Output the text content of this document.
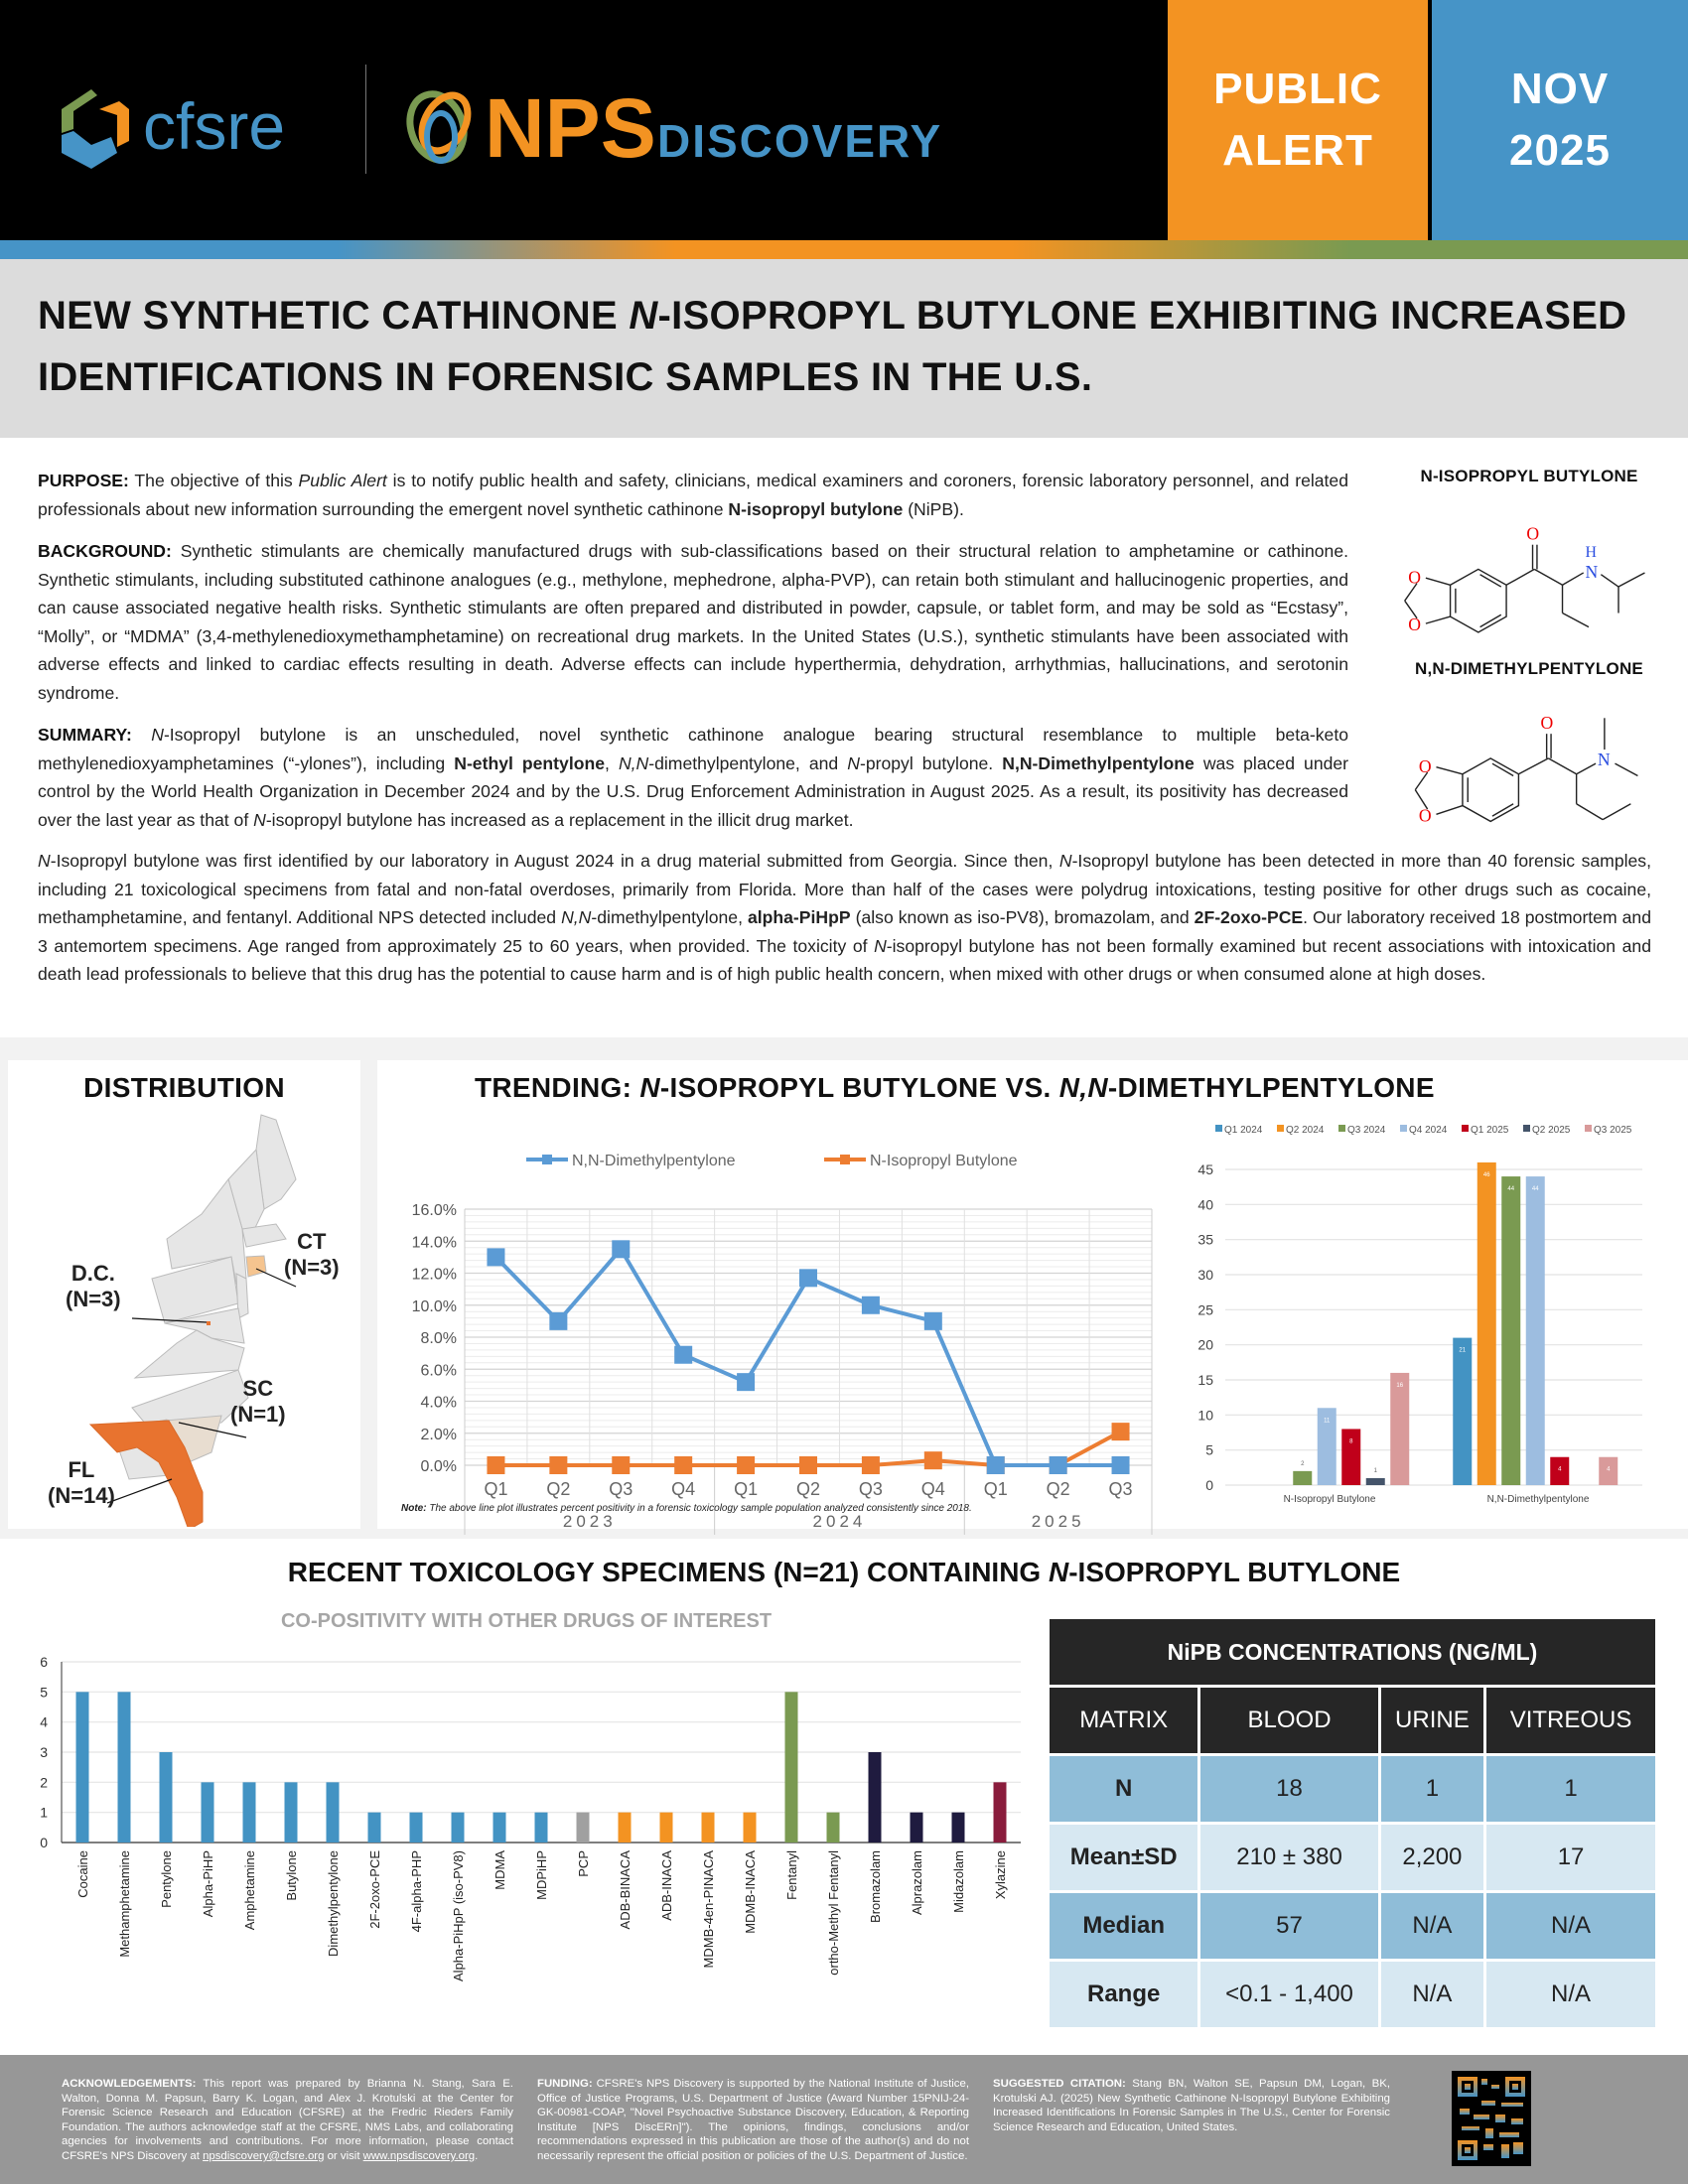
cfsre NPS DISCOVERY
PUBLIC
ALERT
NOV
2025
NEW SYNTHETIC CATHINONE N-ISOPROPYL BUTYLONE EXHIBITING INCREASED IDENTIFICATIONS IN FORENSIC SAMPLES IN THE U.S.

PURPOSE: The objective of this Public Alert is to notify public health and safety, clinicians, medical examiners and coroners, forensic laboratory personnel, and related professionals about new information surrounding the emergent novel synthetic cathinone N-isopropyl butylone (NiPB).

BACKGROUND: Synthetic stimulants are chemically manufactured drugs with sub-classifications based on their structural relation to amphetamine or cathinone. Synthetic stimulants, including substituted cathinone analogues (e.g., methylone, mephedrone, alpha-PVP), can retain both stimulant and hallucinogenic properties, and can cause associated negative health risks. Synthetic stimulants are often prepared and distributed in powder, capsule, or tablet form, and may be sold as “Ecstasy”, “Molly”, or “MDMA” (3,4-methylenedioxymethamphetamine) on recreational drug markets. In the United States (U.S.), synthetic stimulants have been associated with adverse effects and linked to cardiac effects resulting in death. Adverse effects can include hyperthermia, dehydration, arrhythmias, hallucinations, and serotonin syndrome.

SUMMARY: N-Isopropyl butylone is an unscheduled, novel synthetic cathinone analogue bearing structural resemblance to multiple beta-keto methylenedioxyamphetamines (“-ylones”), including N-ethyl pentylone, N,N-dimethylpentylone, and N-propyl butylone. N,N-Dimethylpentylone was placed under control by the World Health Organization in December 2024 and by the U.S. Drug Enforcement Administration in August 2025. As a result, its positivity has decreased over the last year as that of N-isopropyl butylone has increased as a replacement in the illicit drug market.

N-Isopropyl butylone was first identified by our laboratory in August 2024 in a drug material submitted from Georgia. Since then, N-Isopropyl butylone has been detected in more than 40 forensic samples, including 21 toxicological specimens from fatal and non-fatal overdoses, primarily from Florida. More than half of the cases were polydrug intoxications, testing positive for other drugs such as cocaine, methamphetamine, and fentanyl. Additional NPS detected included N,N-dimethylpentylone, alpha-PiHpP (also known as iso-PV8), bromazolam, and 2F-2oxo-PCE. Our laboratory received 18 postmortem and 3 antemortem specimens. Age ranged from approximately 25 to 60 years, when provided. The toxicity of N-isopropyl butylone has not been formally examined but recent associations with intoxication and death lead professionals to believe that this drug has the potential to cause harm and is of high public health concern, when mixed with other drugs or when consumed alone at high doses.
N-ISOPROPYL BUTYLONE
O
O
O
H
N
N,N-DIMETHYLPENTYLONE
O
O
O
N
DISTRIBUTION
CT
(N=3)
D.C.
(N=3)
SC
(N=1)
FL
(N=14)
TRENDING: N-ISOPROPYL BUTYLONE VS. N,N-DIMETHYLPENTYLONE
N,N-Dimethylpentylone	N-Isopropyl Butylone
0.0%
2.0%
4.0%
6.0%
8.0%
10.0%
12.0%
14.0%
16.0%
Q1 Q2 Q3 Q4 Q1 Q2 Q3 Q4 Q1 Q2 Q3
2023	2024	2025
Note: The above line plot illustrates percent positivity in a forensic toxicology sample population analyzed consistently since 2018.
Q1 2024 Q2 2024 Q3 2024 Q4 2024 Q1 2025 Q2 2025 Q3 2025
0
5
10
15
20
25
30
35
40
45
2
11
8
1
16
N-Isopropyl Butylone
21
46
44	44
4	4
N,N-Dimethylpentylone
RECENT TOXICOLOGY SPECIMENS (N=21) CONTAINING N-ISOPROPYL BUTYLONE
CO-POSITIVITY WITH OTHER DRUGS OF INTEREST
0
1
2
3
4
5
6
Cocaine Methamphetamine Pentylone Alpha-PiHP Amphetamine Butylone Dimethylpentylone 2F-2oxo-PCE 4F-alpha-PHP Alpha-PiHpP (iso-PV8) MDMA MDPiHP PCP ADB-BINACA ADB-INACA MDMB-4en-PINACA MDMB-INACA Fentanyl ortho-Methyl Fentanyl Bromazolam Alprazolam Midazolam Xylazine
NiPB CONCENTRATIONS (NG/ML)			
MATRIX	BLOOD	URINE	VITREOUS
N	18	1	1
Mean±SD	210 ± 380	2,200	17
Median	57	N/A	N/A
Range	<0.1 - 1,400	N/A	N/A
ACKNOWLEDGEMENTS: This report was prepared by Brianna N. Stang, Sara E. Walton, Donna M. Papsun, Barry K. Logan, and Alex J. Krotulski at the Center for Forensic Science Research and Education (CFSRE) at the Fredric Rieders Family Foundation. The authors acknowledge staff at the CFSRE, NMS Labs, and collaborating agencies for involvements and contributions. For more information, please contact CFSRE's NPS Discovery at npsdiscovery@cfsre.org or visit www.npsdiscovery.org.
FUNDING: CFSRE's NPS Discovery is supported by the National Institute of Justice, Office of Justice Programs, U.S. Department of Justice (Award Number 15PNIJ-24-GK-00981-COAP, "Novel Psychoactive Substance Discovery, Education, & Reporting Institute [NPS DiscERn]"). The opinions, findings, conclusions and/or recommendations expressed in this publication are those of the author(s) and do not necessarily represent the official position or policies of the U.S. Department of Justice.
SUGGESTED CITATION: Stang BN, Walton SE, Papsun DM, Logan, BK, Krotulski AJ. (2025) New Synthetic Cathinone N-Isopropyl Butylone Exhibiting Increased Identifications In Forensic Samples in The U.S., Center for Forensic Science Research and Education, United States.
